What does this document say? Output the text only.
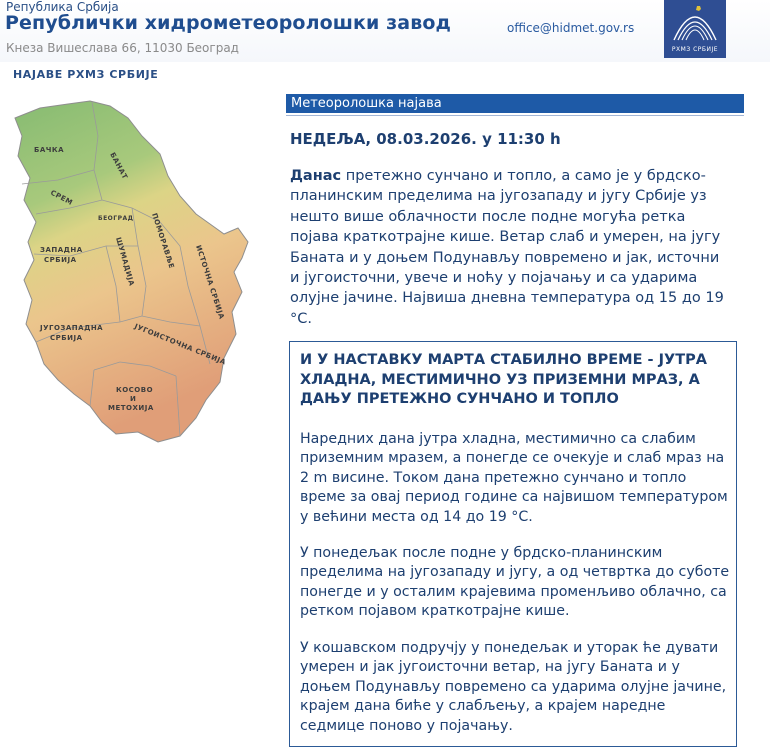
Република Србија
Републички хидрометеоролошки завод
Кнеза Вишеслава 66, 11030 Београд
office@hidmet.gov.rs
РХМЗ СРБИЈЕ
НАЈАВЕ РХМЗ СРБИЈЕ
БАЧКА
БАНАТ
СРЕМ
БЕОГРАД
ЗАПАДНА
СРБИЈА	ШУМАДИЈА ПОМОРАВЉЕ
ИСТОЧНА СРБИЈА
ЈУГОЗАПАДНА
СРБИЈА	ЈУГОИСТОЧНА СРБИЈА
КОСОВО
И
МЕТОХИЈА
Метеоролошка најава
НЕДЕЉА, 08.03.2026. у 11:30 h
Данас претежно сунчано и топло, а само је у брдско-планинским пределима на југозападу и југу Србије уз нешто више облачности после подне могућа ретка појава краткотрајне кише. Ветар слаб и умерен, на југу Баната и у доњем Подунављу повремено и јак, источни и југоисточни, увече и ноћу у појачању и са ударима олујне јачине. Највиша дневна температура од 15 до 19 °C.
И У НАСТАВКУ МАРТА СТАБИЛНО ВРЕМЕ - ЈУТРА ХЛАДНА, МЕСТИМИЧНО УЗ ПРИЗЕМНИ МРАЗ, А ДАЊУ ПРЕТЕЖНО СУНЧАНО И ТОПЛО
Наредних дана јутра хладна, местимично са слабим приземним мразем, а понегде се очекује и слаб мраз на 2 m висине. Током дана претежно сунчано и топло време за овај период године са највишом температуром у већини места од 14 до 19 °C.
У понедељак после подне у брдско-планинским пределима на југозападу и југу, а од четвртка до суботе понегде и у осталим крајевима променљиво облачно, са ретком појавом краткотрајне кише.
У кошавском подручју у понедељак и уторак ће дувати умерен и јак југоисточни ветар, на југу Баната и у доњем Подунављу повремено са ударима олујне јачине, крајем дана биће у слабљењу, а крајем наредне седмице поново у појачању.
